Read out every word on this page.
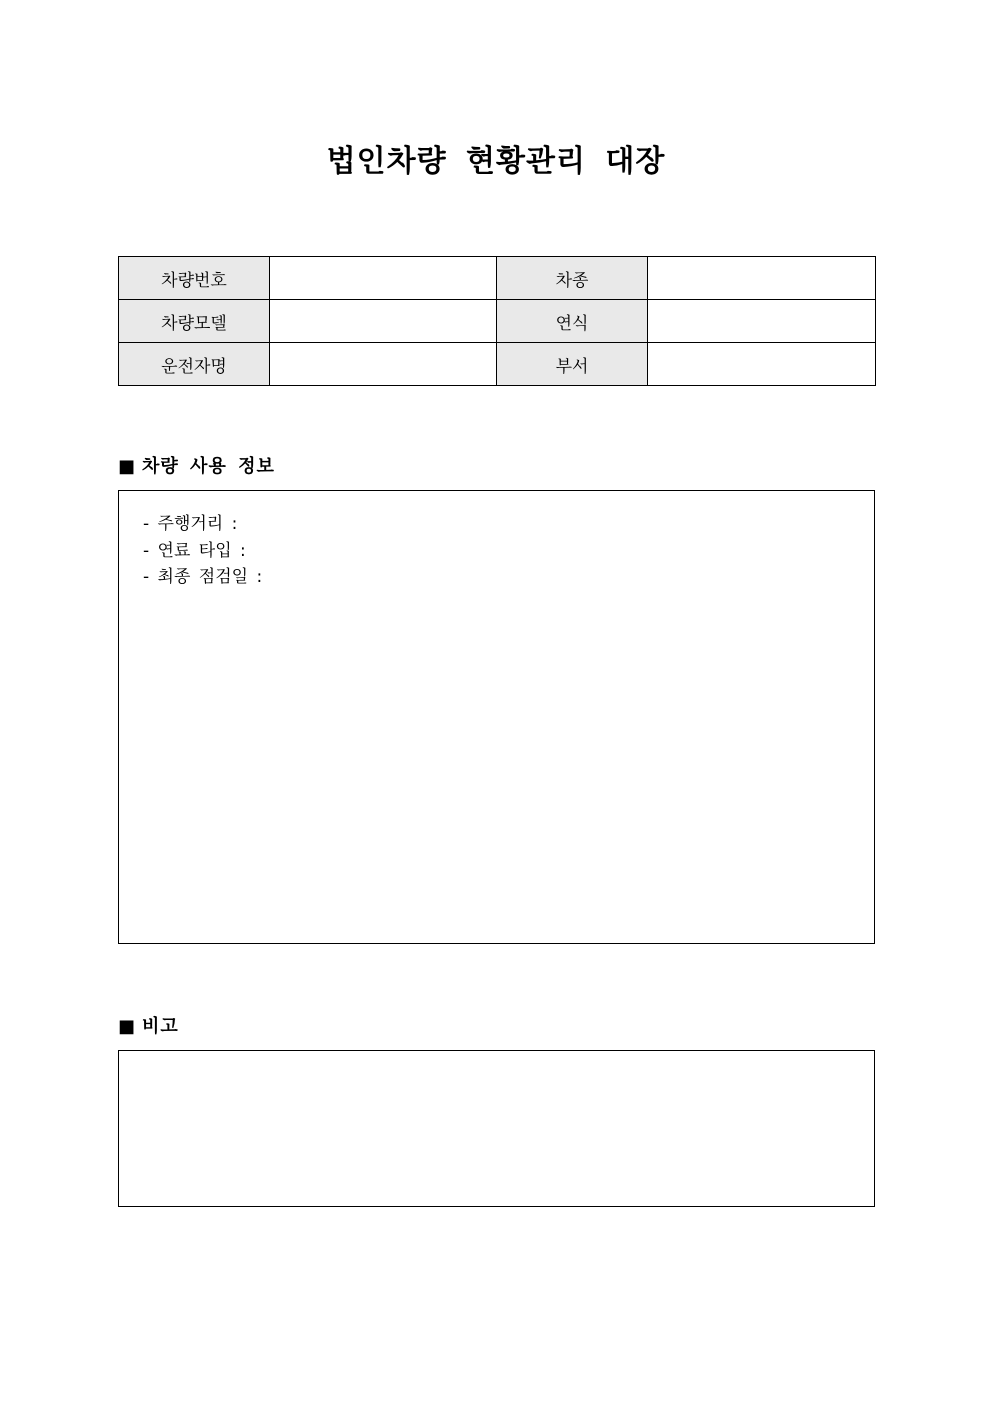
법인차량 현황관리 대장
차량번호		차종	
차량모델		연식	
운전자명		부서	
■ 차량 사용 정보
- 주행거리 :
- 연료 타입 :
- 최종 점검일 :
■ 비고
